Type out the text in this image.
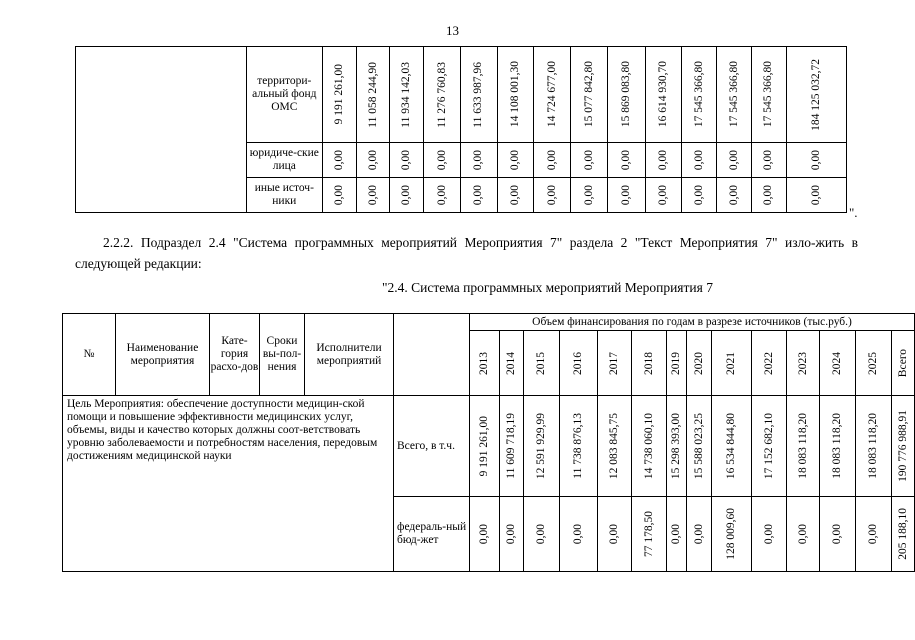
13
	территори-альный фонд ОМС	9 191 261,00	11 058 244,90	11 934 142,03	11 276 760,83	11 633 987,96	14 108 001,30	14 724 677,00	15 077 842,80	15 869 083,80	16 614 930,70	17 545 366,80	17 545 366,80	17 545 366,80	184 125 032,72

	юридиче-ские лица	0,00	0,00	0,00	0,00	0,00	0,00	0,00	0,00	0,00	0,00	0,00	0,00	0,00	0,00

	иные источ-ники	0,00	0,00	0,00	0,00	0,00	0,00	0,00	0,00	0,00	0,00	0,00	0,00	0,00	0,00
".
2.2.2. Подраздел 2.4 "Система программных мероприятий Мероприятия 7" раздела 2 "Текст Мероприятия 7" изло-жить в следующей редакции:
"2.4. Система программных мероприятий Мероприятия 7
№	Наименование мероприятия	Кате-гория расхо-дов	Сроки вы-пол-нения	Исполнители мероприятий		Объем финансирования по годам в разрезе источников (тыс.руб.)													

						2013	2014	2015	2016	2017	2018	2019	2020	2021	2022	2023	2024	2025	Всего

Цель Мероприятия: обеспечение доступности медицин-ской помощи и повышение эффективности медицинских услуг, объемы, виды и качество которых должны соот-ветствовать уровню заболеваемости и потребностям населения, передовым достижениям медицинской науки					Всего, в т.ч.	9 191 261,00	11 609 718,19	12 591 929,99	11 738 876,13	12 083 845,75	14 738 060,10	15 298 393,00	15 588 023,25	16 534 844,80	17 152 682,10	18 083 118,20	18 083 118,20	18 083 118,20	190 776 988,91

					федераль-ный бюд-жет	0,00	0,00	0,00	0,00	0,00	77 178,50	0,00	0,00	128 009,60	0,00	0,00	0,00	0,00	205 188,10
